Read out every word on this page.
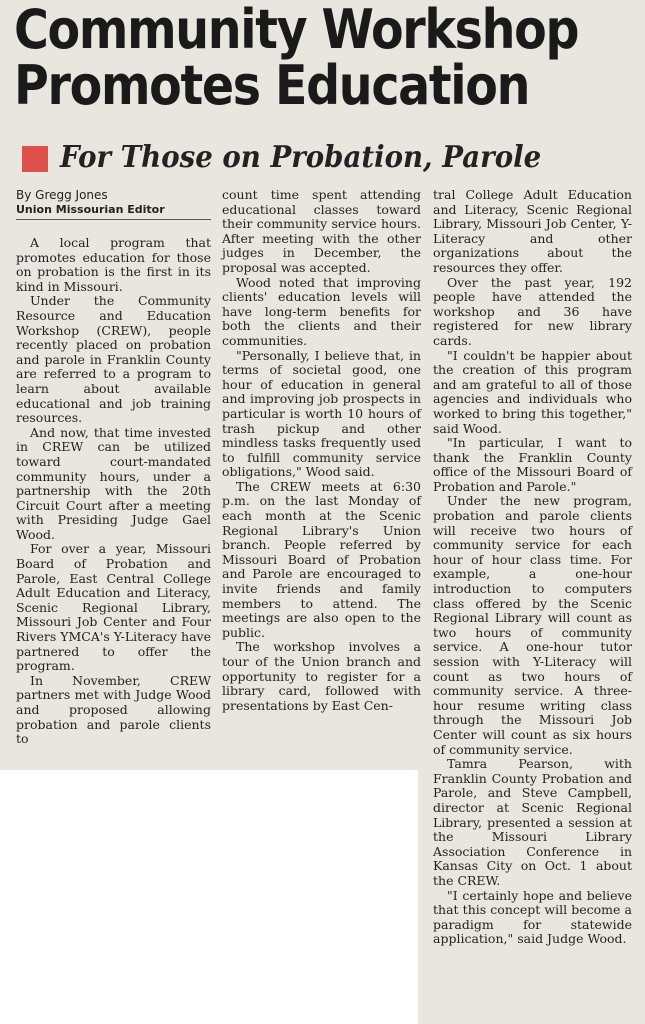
Community Workshop
Promotes Education
For Those on Probation, Parole
By Gregg Jones
Union Missourian Editor

A local program that promotes education for those on probation is the first in its kind in Missouri.

Under the Community Resource and Education Workshop (CREW), people recently placed on probation and parole in Franklin County are referred to a program to learn about available educational and job training resources.

And now, that time invested in CREW can be utilized toward court-mandated community hours, under a partnership with the 20th Circuit Court after a meeting with Presiding Judge Gael Wood.

For over a year, Missouri Board of Probation and Parole, East Central College Adult Education and Literacy, Scenic Regional Library, Missouri Job Center and Four Rivers YMCA's Y-Literacy have partnered to offer the program.

In November, CREW partners met with Judge Wood and proposed allowing probation and parole clients to

count time spent attending educational classes toward their community service hours. After meeting with the other judges in December, the proposal was accepted.

Wood noted that improving clients' education levels will have long-term benefits for both the clients and their communities.

"Personally, I believe that, in terms of societal good, one hour of education in general and improving job prospects in particular is worth 10 hours of trash pickup and other mindless tasks frequently used to fulfill community service obligations," Wood said.

The CREW meets at 6:30 p.m. on the last Monday of each month at the Scenic Regional Library's Union branch. People referred by Missouri Board of Probation and Parole are encouraged to invite friends and family members to attend. The meetings are also open to the public.

The workshop involves a tour of the Union branch and opportunity to register for a library card, followed with presentations by East Cen-

tral College Adult Education and Literacy, Scenic Regional Library, Missouri Job Center, Y-Literacy and other organizations about the resources they offer.

Over the past year, 192 people have attended the workshop and 36 have registered for new library cards.

"I couldn't be happier about the creation of this program and am grateful to all of those agencies and individuals who worked to bring this together," said Wood.

"In particular, I want to thank the Franklin County office of the Missouri Board of Probation and Parole."

Under the new program, probation and parole clients will receive two hours of community service for each hour of hour class time. For example, a one-hour introduction to computers class offered by the Scenic Regional Library will count as two hours of community service. A one-hour tutor session with Y-Literacy will count as two hours of community service. A three-hour resume writing class through the Missouri Job Center will count as six hours of community service.

Tamra Pearson, with Franklin County Probation and Parole, and Steve Campbell, director at Scenic Regional Library, presented a session at the Missouri Library Association Conference in Kansas City on Oct. 1 about the CREW.

"I certainly hope and believe that this concept will become a paradigm for statewide application," said Judge Wood.
